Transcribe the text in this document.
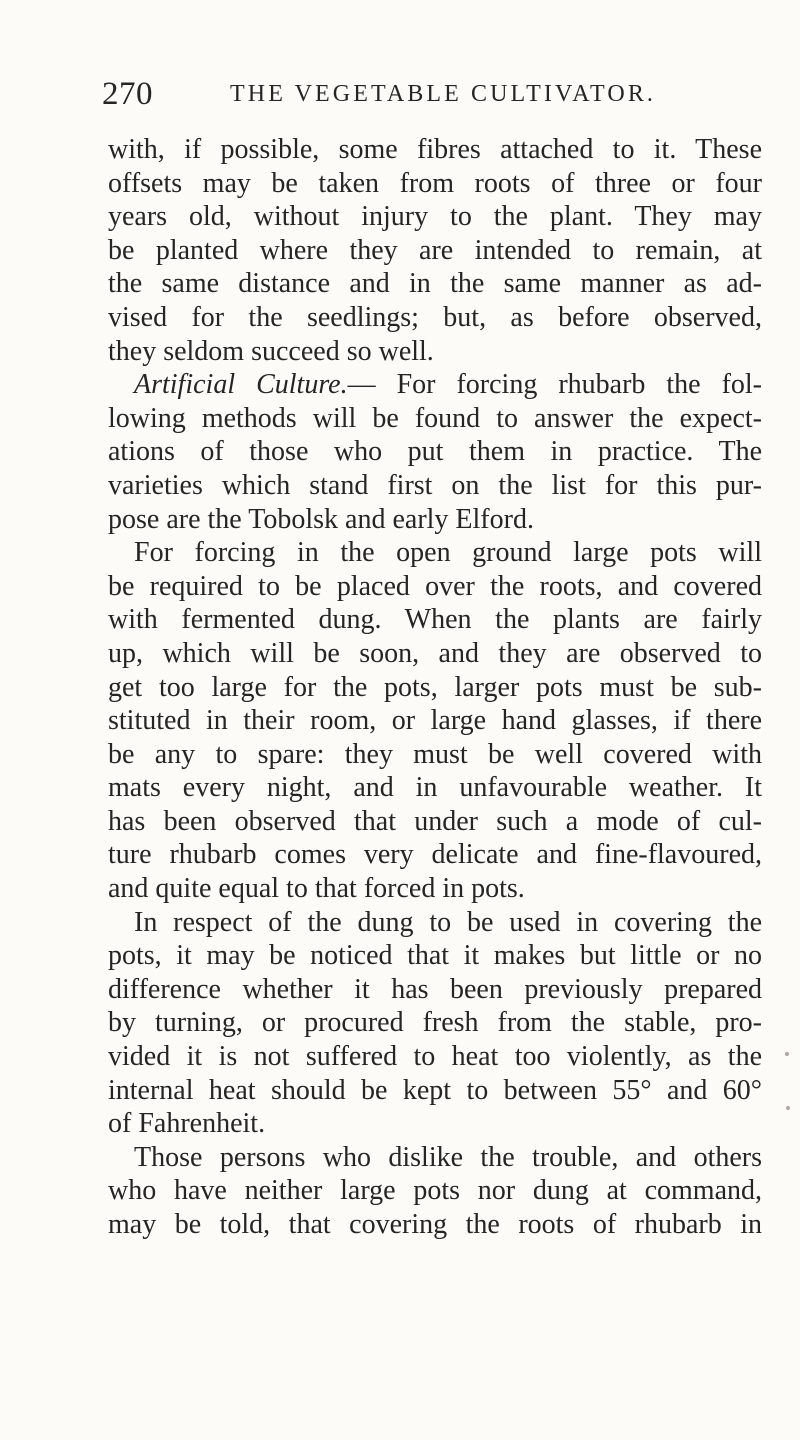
270	THE VEGETABLE CULTIVATOR.

with, if possible, some fibres attached to it. These
offsets may be taken from roots of three or four
years old, without injury to the plant. They may
be planted where they are intended to remain, at
the same distance and in the same manner as ad-
vised for the seedlings; but, as before observed,
they seldom succeed so well.

Artificial Culture.— For forcing rhubarb the fol-
lowing methods will be found to answer the expect-
ations of those who put them in practice. The
varieties which stand first on the list for this pur-
pose are the Tobolsk and early Elford.

For forcing in the open ground large pots will
be required to be placed over the roots, and covered
with fermented dung. When the plants are fairly
up, which will be soon, and they are observed to
get too large for the pots, larger pots must be sub-
stituted in their room, or large hand glasses, if there
be any to spare: they must be well covered with
mats every night, and in unfavourable weather. It
has been observed that under such a mode of cul-
ture rhubarb comes very delicate and fine-flavoured,
and quite equal to that forced in pots.

In respect of the dung to be used in covering the
pots, it may be noticed that it makes but little or no
difference whether it has been previously prepared
by turning, or procured fresh from the stable, pro-
vided it is not suffered to heat too violently, as the
internal heat should be kept to between 55° and 60°
of Fahrenheit.

Those persons who dislike the trouble, and others
who have neither large pots nor dung at command,
may be told, that covering the roots of rhubarb in
